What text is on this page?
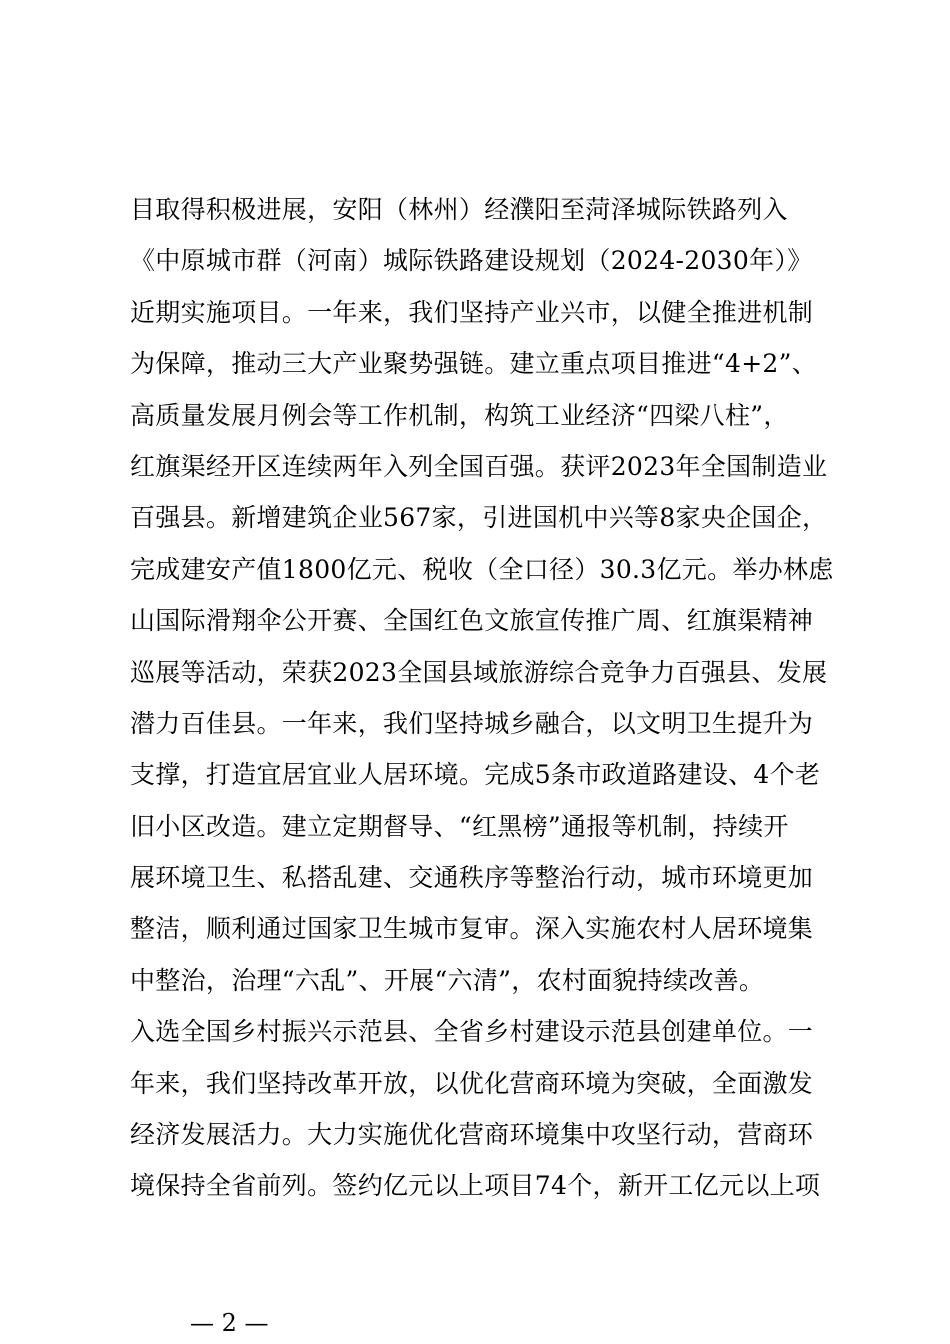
目取得积极进展，安阳（林州）经濮阳至菏泽城际铁路列入
《中原城市群（河南）城际铁路建设规划（2024-2030年）》
近期实施项目。一年来，我们坚持产业兴市，以健全推进机制
为保障，推动三大产业聚势强链。建立重点项目推进“4+2”、
高质量发展月例会等工作机制，构筑工业经济“四梁八柱”，
红旗渠经开区连续两年入列全国百强。获评2023年全国制造业
百强县。新增建筑企业567家，引进国机中兴等8家央企国企，
完成建安产值1800亿元、税收（全口径）30.3亿元。举办林虑
山国际滑翔伞公开赛、全国红色文旅宣传推广周、红旗渠精神
巡展等活动，荣获2023全国县域旅游综合竞争力百强县、发展
潜力百佳县。一年来，我们坚持城乡融合，以文明卫生提升为
支撑，打造宜居宜业人居环境。完成5条市政道路建设、4个老
旧小区改造。建立定期督导、“红黑榜”通报等机制，持续开
展环境卫生、私搭乱建、交通秩序等整治行动，城市环境更加
整洁，顺利通过国家卫生城市复审。深入实施农村人居环境集
中整治，治理“六乱”、开展“六清”，农村面貌持续改善。
入选全国乡村振兴示范县、全省乡村建设示范县创建单位。一
年来，我们坚持改革开放，以优化营商环境为突破，全面激发
经济发展活力。大力实施优化营商环境集中攻坚行动，营商环
境保持全省前列。签约亿元以上项目74个，新开工亿元以上项
— 2 —
